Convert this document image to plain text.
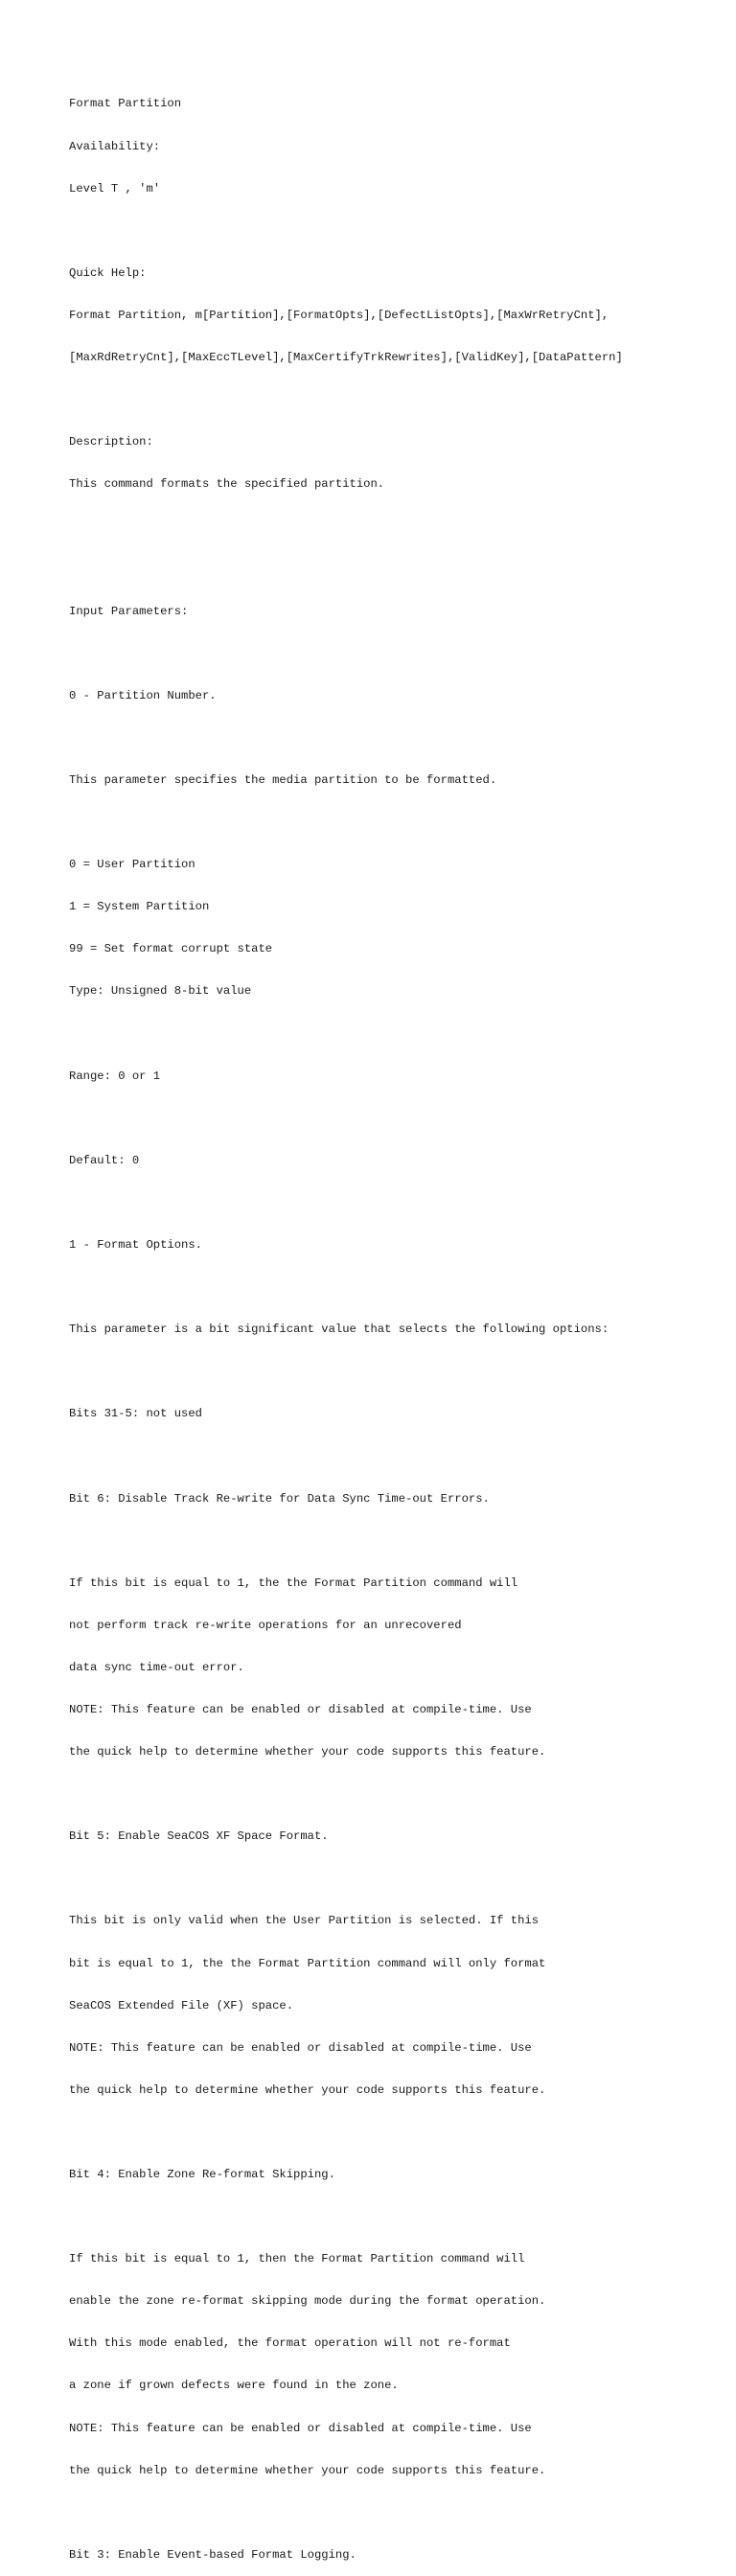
Format Partition

Availability:

Level T , 'm'

Quick Help:

Format Partition, m[Partition],[FormatOpts],[DefectListOpts],[MaxWrRetryCnt],

[MaxRdRetryCnt],[MaxEccTLevel],[MaxCertifyTrkRewrites],[ValidKey],[DataPattern]

Description:

This command formats the specified partition.

Input Parameters:

0 - Partition Number.

This parameter specifies the media partition to be formatted.

0 = User Partition

1 = System Partition

99 = Set format corrupt state

Type: Unsigned 8-bit value

Range: 0 or 1

Default: 0

1 - Format Options.

This parameter is a bit significant value that selects the following options:

Bits 31-5: not used

Bit 6: Disable Track Re-write for Data Sync Time-out Errors.

If this bit is equal to 1, the the Format Partition command will

not perform track re-write operations for an unrecovered

data sync time-out error.

NOTE: This feature can be enabled or disabled at compile-time. Use

the quick help to determine whether your code supports this feature.

Bit 5: Enable SeaCOS XF Space Format.

This bit is only valid when the User Partition is selected. If this

bit is equal to 1, the the Format Partition command will only format

SeaCOS Extended File (XF) space.

NOTE: This feature can be enabled or disabled at compile-time. Use

the quick help to determine whether your code supports this feature.

Bit 4: Enable Zone Re-format Skipping.

If this bit is equal to 1, then the Format Partition command will

enable the zone re-format skipping mode during the format operation.

With this mode enabled, the format operation will not re-format

a zone if grown defects were found in the zone.

NOTE: This feature can be enabled or disabled at compile-time. Use

the quick help to determine whether your code supports this feature.

Bit 3: Enable Event-based Format Logging.
